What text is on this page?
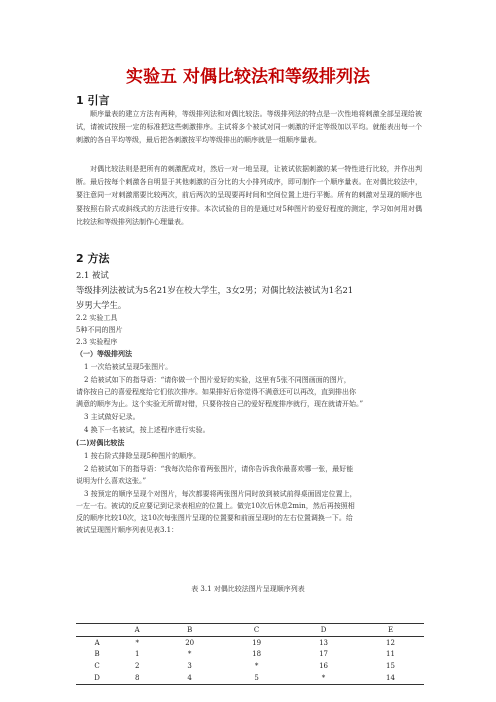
实验五 对偶比较法和等级排列法
1 引言

顺序量表的建立方法有两种，等级排列法和对偶比较法。等级排列法的特点是一次性地将刺激全部呈现给被试，请被试按照一定的标准把这些刺激排序。主试将多个被试对同一刺激的评定等级加以平均。就能表出每一个刺激的各自平均等级，最后把各刺激按平均等级排出的顺序就是一组顺序量表。

对偶比较法则是把所有的刺激配成对，然后一对一地呈现，让被试依据刺激的某一特性进行比较，并作出判断。最后按每个刺激各自明显于其他刺激的百分比的大小排列成序，即可制作一个顺序量表。在对偶比较法中，要注意同一对刺激需要比较两次，前后两次的呈现要再时间和空间位置上进行平衡。所有的刺激对呈现的顺序也要按照右阶式或斜线式的方法进行安排。本次试验的目的是通过对5种图片的爱好程度的测定，学习如何用对偶比较法和等级排列法制作心理量表。

2 方法
2.1 被试
等级排列法被试为5名21岁在校大学生，3女2男；对偶比较法被试为1名21
岁男大学生。
2.2 实验工具
5种不同的图片
2.3 实验程序
（一）等级排列法
1 一次给被试呈现5张图片。
2 给被试如下的指导语：“请你做一个图片爱好的实验，这里有5张不同图画面的图片，
请你按自己的喜爱程度给它们依次排序。如果排好后你觉得不满意还可以再改，直到排出你
满意的顺序为止。这个实验无所谓对错，只要你按自己的爱好程度排序就行，现在就请开始。”
3 主试做好记录。
4 换下一名被试，按上述程序进行实验。
(二)对偶比较法
1 按右阶式排除呈现5种图片的顺序。
2 给被试如下的指导语：“我每次给你看两张图片，请你告诉我你最喜欢哪一张，最好能
说明为什么喜欢这张。”
3 按预定的顺序呈现个对图片，每次都要将两张图片同时放到被试前得桌面固定位置上，
一左一右。被试的反应要记到记录表相应的位置上。做完10次后休息2min，然后再按照相
反的顺序比较10次，这10次每张图片呈现的位置要和前面呈现时的左右位置调换一下。给
被试呈现图片顺序列表见表3.1：
表 3.1 对偶比较法图片呈现顺序列表
	A	B	C	D	E
A	*	20	19	13	12
B	1	*	18	17	11
C	2	3	*	16	15
D	8	4	5	*	14
